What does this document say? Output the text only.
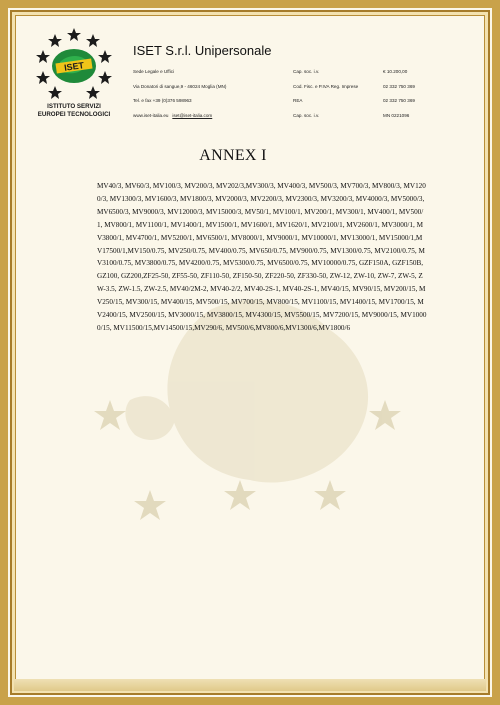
ISET
ISTITUTO SERVIZI
EUROPEI TECNOLOGICI
ISET S.r.l. Unipersonale
Sede Legale e Uffici	Cap. soc. i.v.	€ 10.200,00
Via Donatori di sangue,9 - 46024 Moglia (MN)	Cod. Fisc. e P.IVA Reg. Imprese	02 332 750 369
Tel. e fax +39 (0)376 598963	REA	02 332 750 369
www.iset-italia.eu iset@iset-italia.com	Cap. soc. i.v.	MN 0221096
ANNEX I
MV40/3, MV60/3, MV100/3, MV200/3, MV202/3,MV300/3, MV400/3, MV500/3, MV700/3, MV800/3, MV1200/3, MV1300/3, MV1600/3, MV1800/3, MV2000/3, MV2200/3, MV2300/3, MV3200/3, MV4000/3, MV5000/3, MV6500/3, MV9000/3, MV12000/3, MV15000/3, MV50/1, MV100/1, MV200/1, MV300/1, MV400/1, MV500/1, MV800/1, MV1100/1, MV1400/1, MV1500/1, MV1600/1, MV1620/1, MV2100/1, MV2600/1, MV3000/1, MV3800/1, MV4700/1, MV5200/1, MV6500/1, MV8000/1, MV9000/1, MV10000/1, MV13000/1, MV15000/1,MV17500/1,MV150/0.75, MV250/0.75, MV400/0.75, MV650/0.75, MV900/0.75, MV1300/0.75, MV2100/0.75, MV3100/0.75, MV3800/0.75, MV4200/0.75, MV5300/0.75, MV6500/0.75, MV10000/0.75, GZF150A, GZF150B, GZ100, GZ200,ZF25-50, ZF55-50, ZF110-50, ZF150-50, ZF220-50, ZF330-50, ZW-12, ZW-10, ZW-7, ZW-5, ZW-3.5, ZW-1.5, ZW-2.5, MV40/2M-2, MV40-2/2, MV40-2S-1, MV40-2S-1, MV40/15, MV90/15, MV200/15, MV250/15, MV300/15, MV400/15, MV500/15, MV700/15, MV800/15, MV1100/15, MV1400/15, MV1700/15, MV2400/15, MV2500/15, MV3000/15, MV3800/15, MV4300/15, MV5500/15, MV7200/15, MV9000/15, MV10000/15, MV11500/15,MV14500/15,MV290/6, MV500/6,MV800/6,MV1300/6,MV1800/6
